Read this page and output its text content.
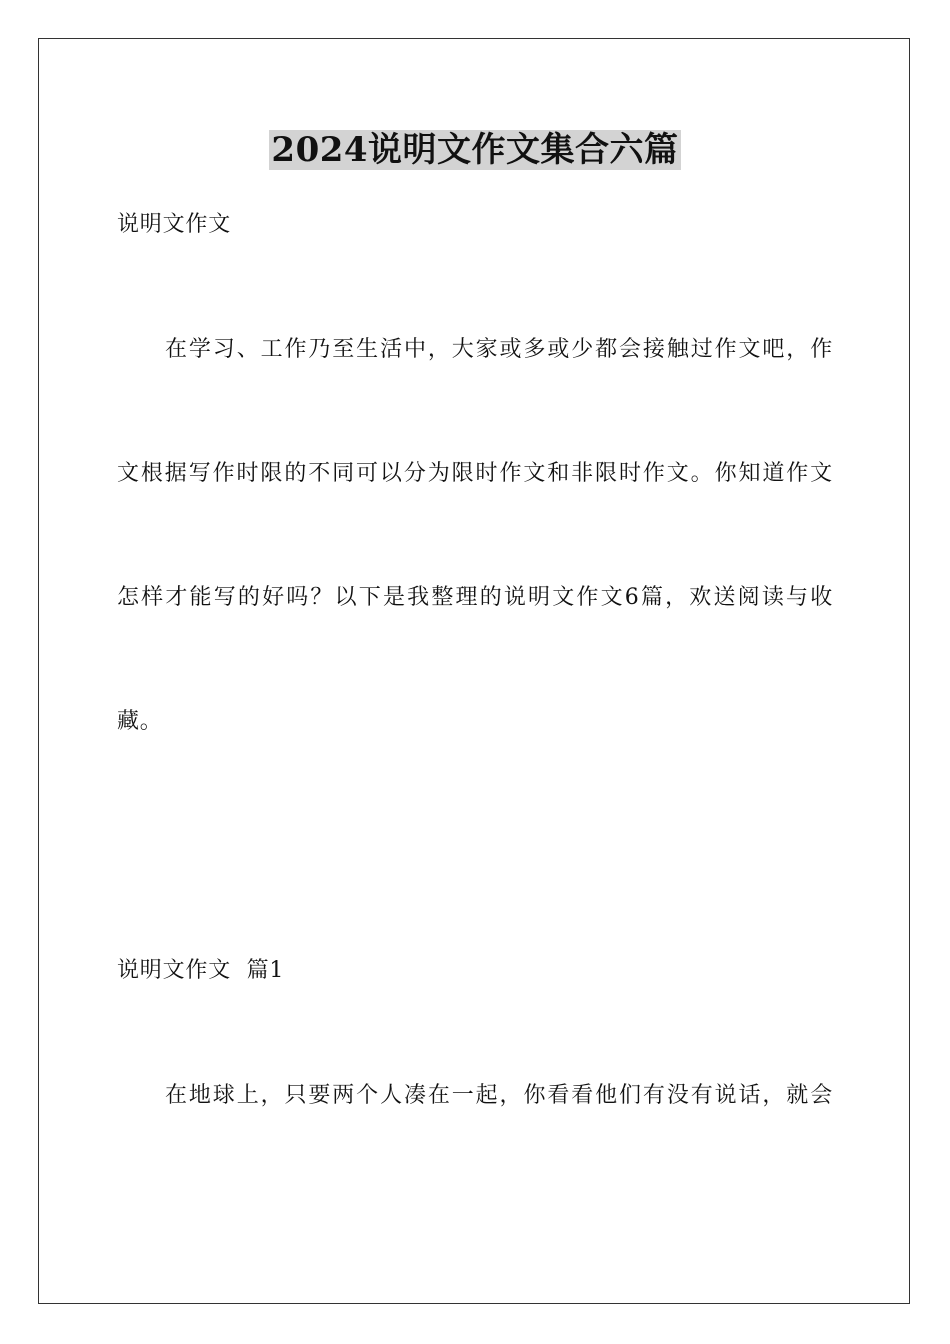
2024说明文作文集合六篇
说明文作文
在学习、工作乃至生活中，大家或多或少都会接触过作文吧，作
文根据写作时限的不同可以分为限时作文和非限时作文。你知道作文
怎样才能写的好吗？以下是我整理的说明文作文6篇，欢送阅读与收
藏。
说明文作文  篇1
在地球上，只要两个人凑在一起，你看看他们有没有说话，就会
